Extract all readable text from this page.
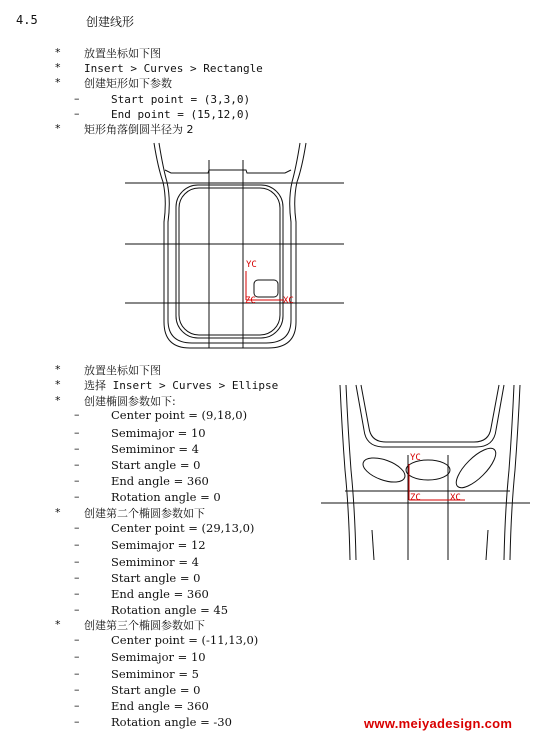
4.5	创建线形
* 放置坐标如下图
* Insert > Curves > Rectangle
* 创建矩形如下参数
–	Start point = (3,3,0)
–	End point = (15,12,0)
* 矩形角落倒圆半径为 2
YC
ZC	XC
* 放置坐标如下图
* 选择 Insert > Curves > Ellipse
* 创建椭圆参数如下:
–	Center point = (9,18,0)
–	Semimajor = 10
–	Semiminor = 4
–	Start angle = 0
–	End angle = 360
–	Rotation angle = 0
* 创建第二个椭圆参数如下
–	Center point = (29,13,0)
–	Semimajor = 12
–	Semiminor = 4
–	Start angle = 0
–	End angle = 360
–	Rotation angle = 45
* 创建第三个椭圆参数如下
–	Center point = (-11,13,0)
–	Semimajor = 10
–	Semiminor = 5
–	Start angle = 0
–	End angle = 360
–	Rotation angle = -30
YC
ZC	XC
www.meiyadesign.com
